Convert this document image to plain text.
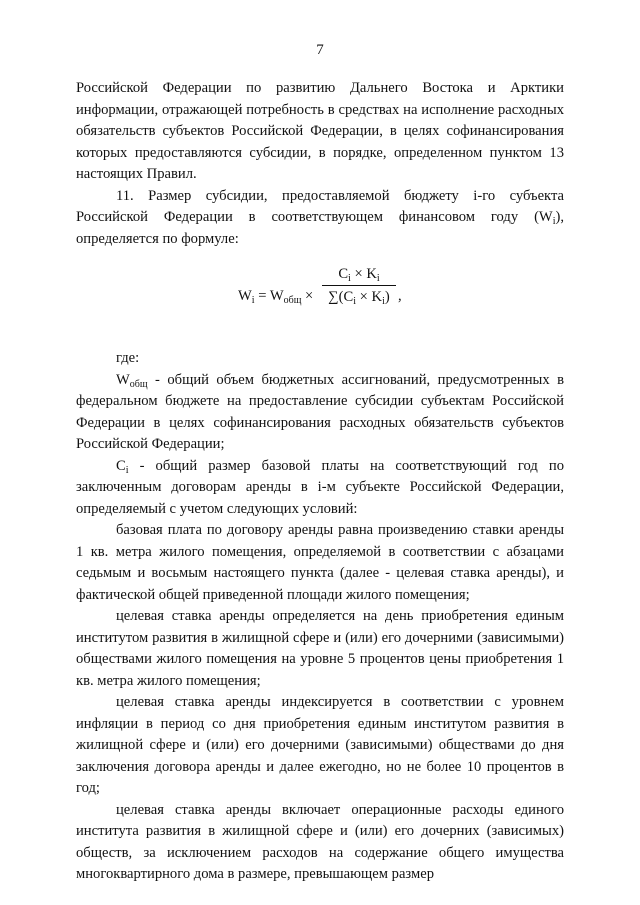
7

Российской Федерации по развитию Дальнего Востока и Арктики информации, отражающей потребность в средствах на исполнение расходных обязательств субъектов Российской Федерации, в целях софинансирования которых предоставляются субсидии, в порядке, определенном пунктом 13 настоящих Правил.

11. Размер субсидии, предоставляемой бюджету i-го субъекта Российской Федерации в соответствующем финансовом году $(W_i)$, определяется по формуле:

$W_i = W_{общ} \times \frac{C_i \times K_i}{\sum(C_i \times K_i)}$ ,

где:

$W_{общ}$ - общий объем бюджетных ассигнований, предусмотренных в федеральном бюджете на предоставление субсидии субъектам Российской Федерации в целях софинансирования расходных обязательств субъектов Российской Федерации;

$C_i$ - общий размер базовой платы на соответствующий год по заключенным договорам аренды в i-м субъекте Российской Федерации, определяемый с учетом следующих условий:

базовая плата по договору аренды равна произведению ставки аренды 1 кв. метра жилого помещения, определяемой в соответствии с абзацами седьмым и восьмым настоящего пункта (далее - целевая ставка аренды), и фактической общей приведенной площади жилого помещения;

целевая ставка аренды определяется на день приобретения единым институтом развития в жилищной сфере и (или) его дочерними (зависимыми) обществами жилого помещения на уровне 5 процентов цены приобретения 1 кв. метра жилого помещения;

целевая ставка аренды индексируется в соответствии с уровнем инфляции в период со дня приобретения единым институтом развития в жилищной сфере и (или) его дочерними (зависимыми) обществами до дня заключения договора аренды и далее ежегодно, но не более 10 процентов в год;

целевая ставка аренды включает операционные расходы единого института развития в жилищной сфере и (или) его дочерних (зависимых) обществ, за исключением расходов на содержание общего имущества многоквартирного дома в размере, превышающем размер
